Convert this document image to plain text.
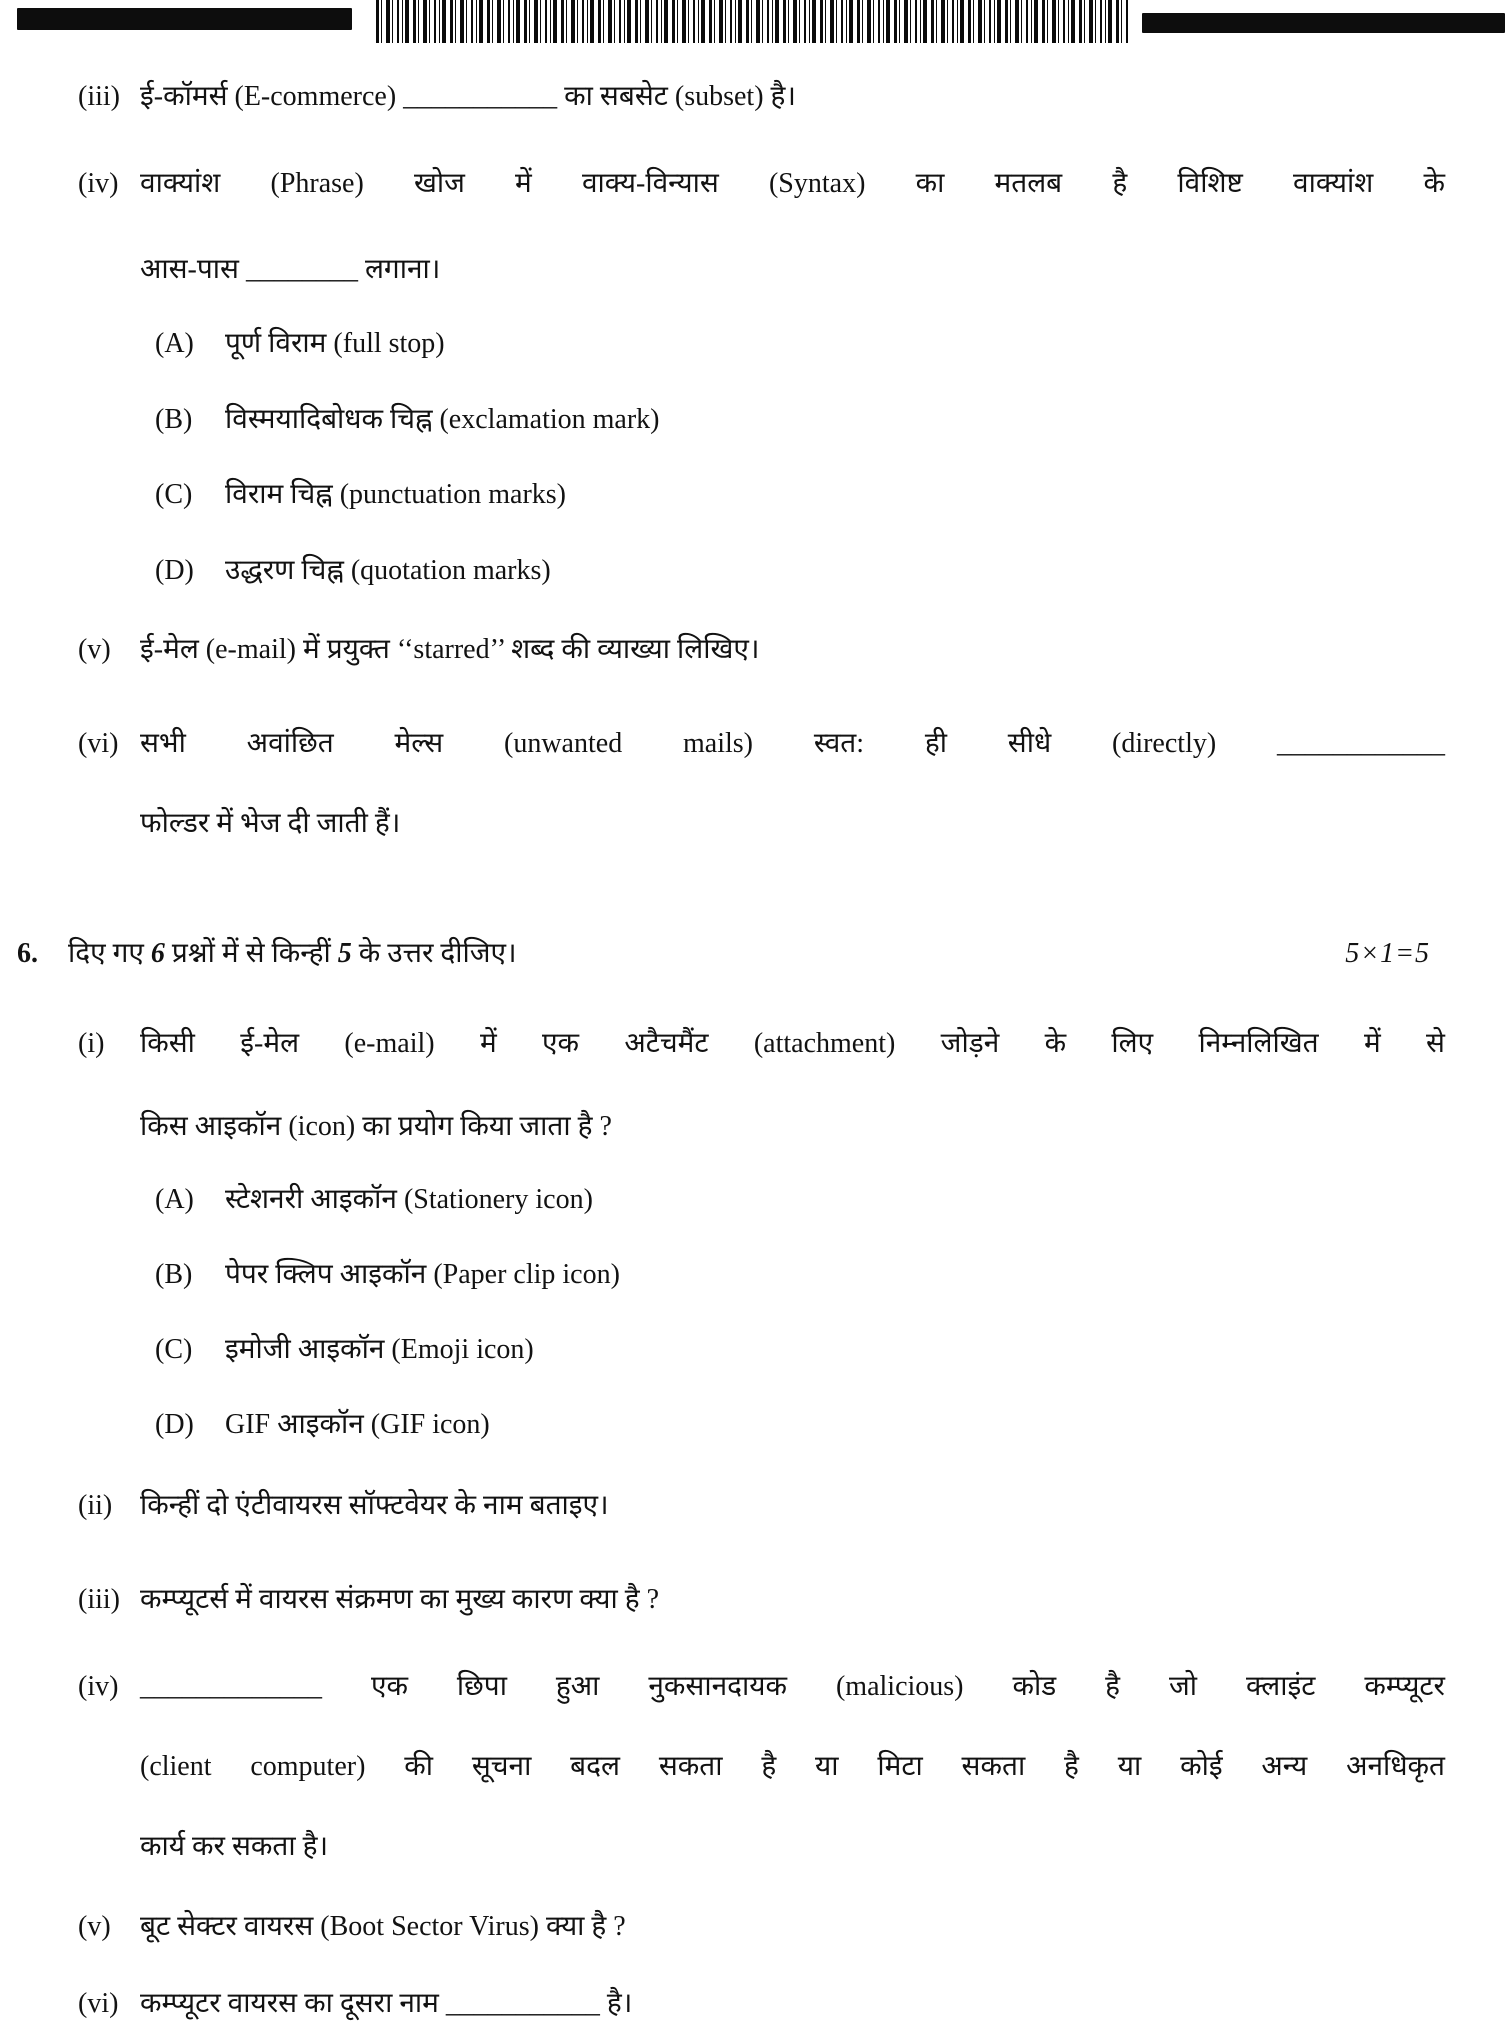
(iii) ई-कॉमर्स (E-commerce) ___________ का सबसेट (subset) है।
(iv) वाक्यांश (Phrase) खोज में वाक्य-विन्यास (Syntax) का मतलब है विशिष्ट वाक्यांश के
आस-पास ________ लगाना।
(A)	पूर्ण विराम (full stop)
(B)	विस्मयादिबोधक चिह्न (exclamation mark)
(C)	विराम चिह्न (punctuation marks)
(D)	उद्धरण चिह्न (quotation marks)
(v)	ई-मेल (e-mail) में प्रयुक्त ‘‘starred’’ शब्द की व्याख्या लिखिए।
(vi) सभी अवांछित मेल्स (unwanted mails) स्वत: ही सीधे (directly) ____________
फोल्डर में भेज दी जाती हैं।
6.	दिए गए 6 प्रश्नों में से किन्हीं 5 के उत्तर दीजिए।	5×1=5
(i)	किसी ई-मेल (e-mail) में एक अटैचमैंट (attachment) जोड़ने के लिए निम्नलिखित में से
किस आइकॉन (icon) का प्रयोग किया जाता है ?
(A)	स्टेशनरी आइकॉन (Stationery icon)
(B)	पेपर क्लिप आइकॉन (Paper clip icon)
(C)	इमोजी आइकॉन (Emoji icon)
(D)	GIF आइकॉन (GIF icon)
(ii) किन्हीं दो एंटीवायरस सॉफ्टवेयर के नाम बताइए।
(iii) कम्प्यूटर्स में वायरस संक्रमण का मुख्य कारण क्या है ?
(iv) _____________ एक छिपा हुआ नुकसानदायक (malicious) कोड है जो क्लाइंट कम्प्यूटर
(client computer) की सूचना बदल सकता है या मिटा सकता है या कोई अन्य अनधिकृत
कार्य कर सकता है।
(v)	बूट सेक्टर वायरस (Boot Sector Virus) क्या है ?
(vi) कम्प्यूटर वायरस का दूसरा नाम ___________ है।
